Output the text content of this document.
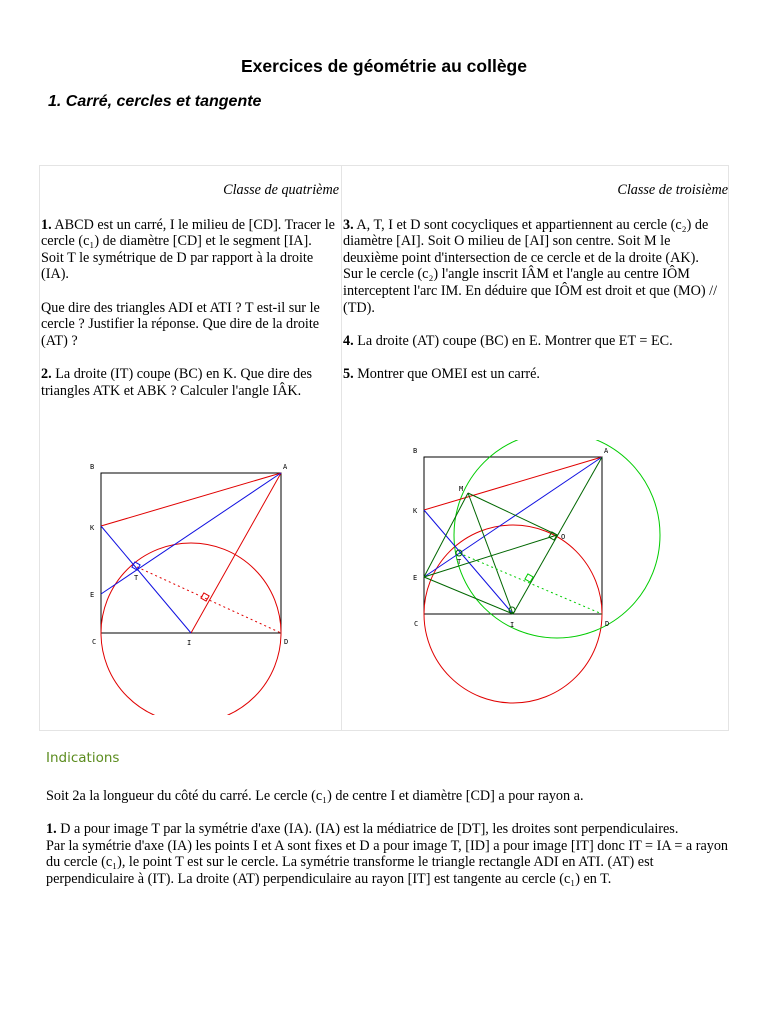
Exercices de géométrie au collège
1. Carré, cercles et tangente
Classe de quatrième

1. ABCD est un carré, I le milieu de [CD]. Tracer le cercle (c₁) de diamètre [CD] et le segment [IA].
Soit T le symétrique de D par rapport à la droite (IA).

Que dire des triangles ADI et ATI ? T est-il sur le cercle ? Justifier la réponse. Que dire de la droite (AT) ?

2. La droite (IT) coupe (BC) en K. Que dire des triangles ATK et ABK ? Calculer l'angle IÂK.

Classe de troisième

3. A, T, I et D sont cocycliques et appartiennent au cercle (c₂) de diamètre [AI]. Soit O milieu de [AI] son centre. Soit M le deuxième point d'intersection de ce cercle et de la droite (AK).
Sur le cercle (c₂) l'angle inscrit IÂM et l'angle au centre IÔM interceptent l'arc IM. En déduire que IÔM est droit et que (MO) // (TD).

4. La droite (AT) coupe (BC) en E. Montrer que ET = EC.

5. Montrer que OMEI est un carré.

B	A
K
T
E
C	I	D
B	A
M
K
O
T
E
C	I	D
Indications

Soit 2a la longueur du côté du carré. Le cercle (c₁) de centre I et diamètre [CD] a pour rayon a.

1. D a pour image T par la symétrie d'axe (IA). (IA) est la médiatrice de [DT], les droites sont perpendiculaires.
Par la symétrie d'axe (IA) les points I et A sont fixes et D a pour image T, [ID] a pour image [IT] donc IT = IA = a rayon du cercle (c₁), le point T est sur le cercle. La symétrie transforme le triangle rectangle ADI en ATI. (AT) est perpendiculaire à (IT). La droite (AT) perpendiculaire au rayon [IT] est tangente au cercle (c₁) en T.
